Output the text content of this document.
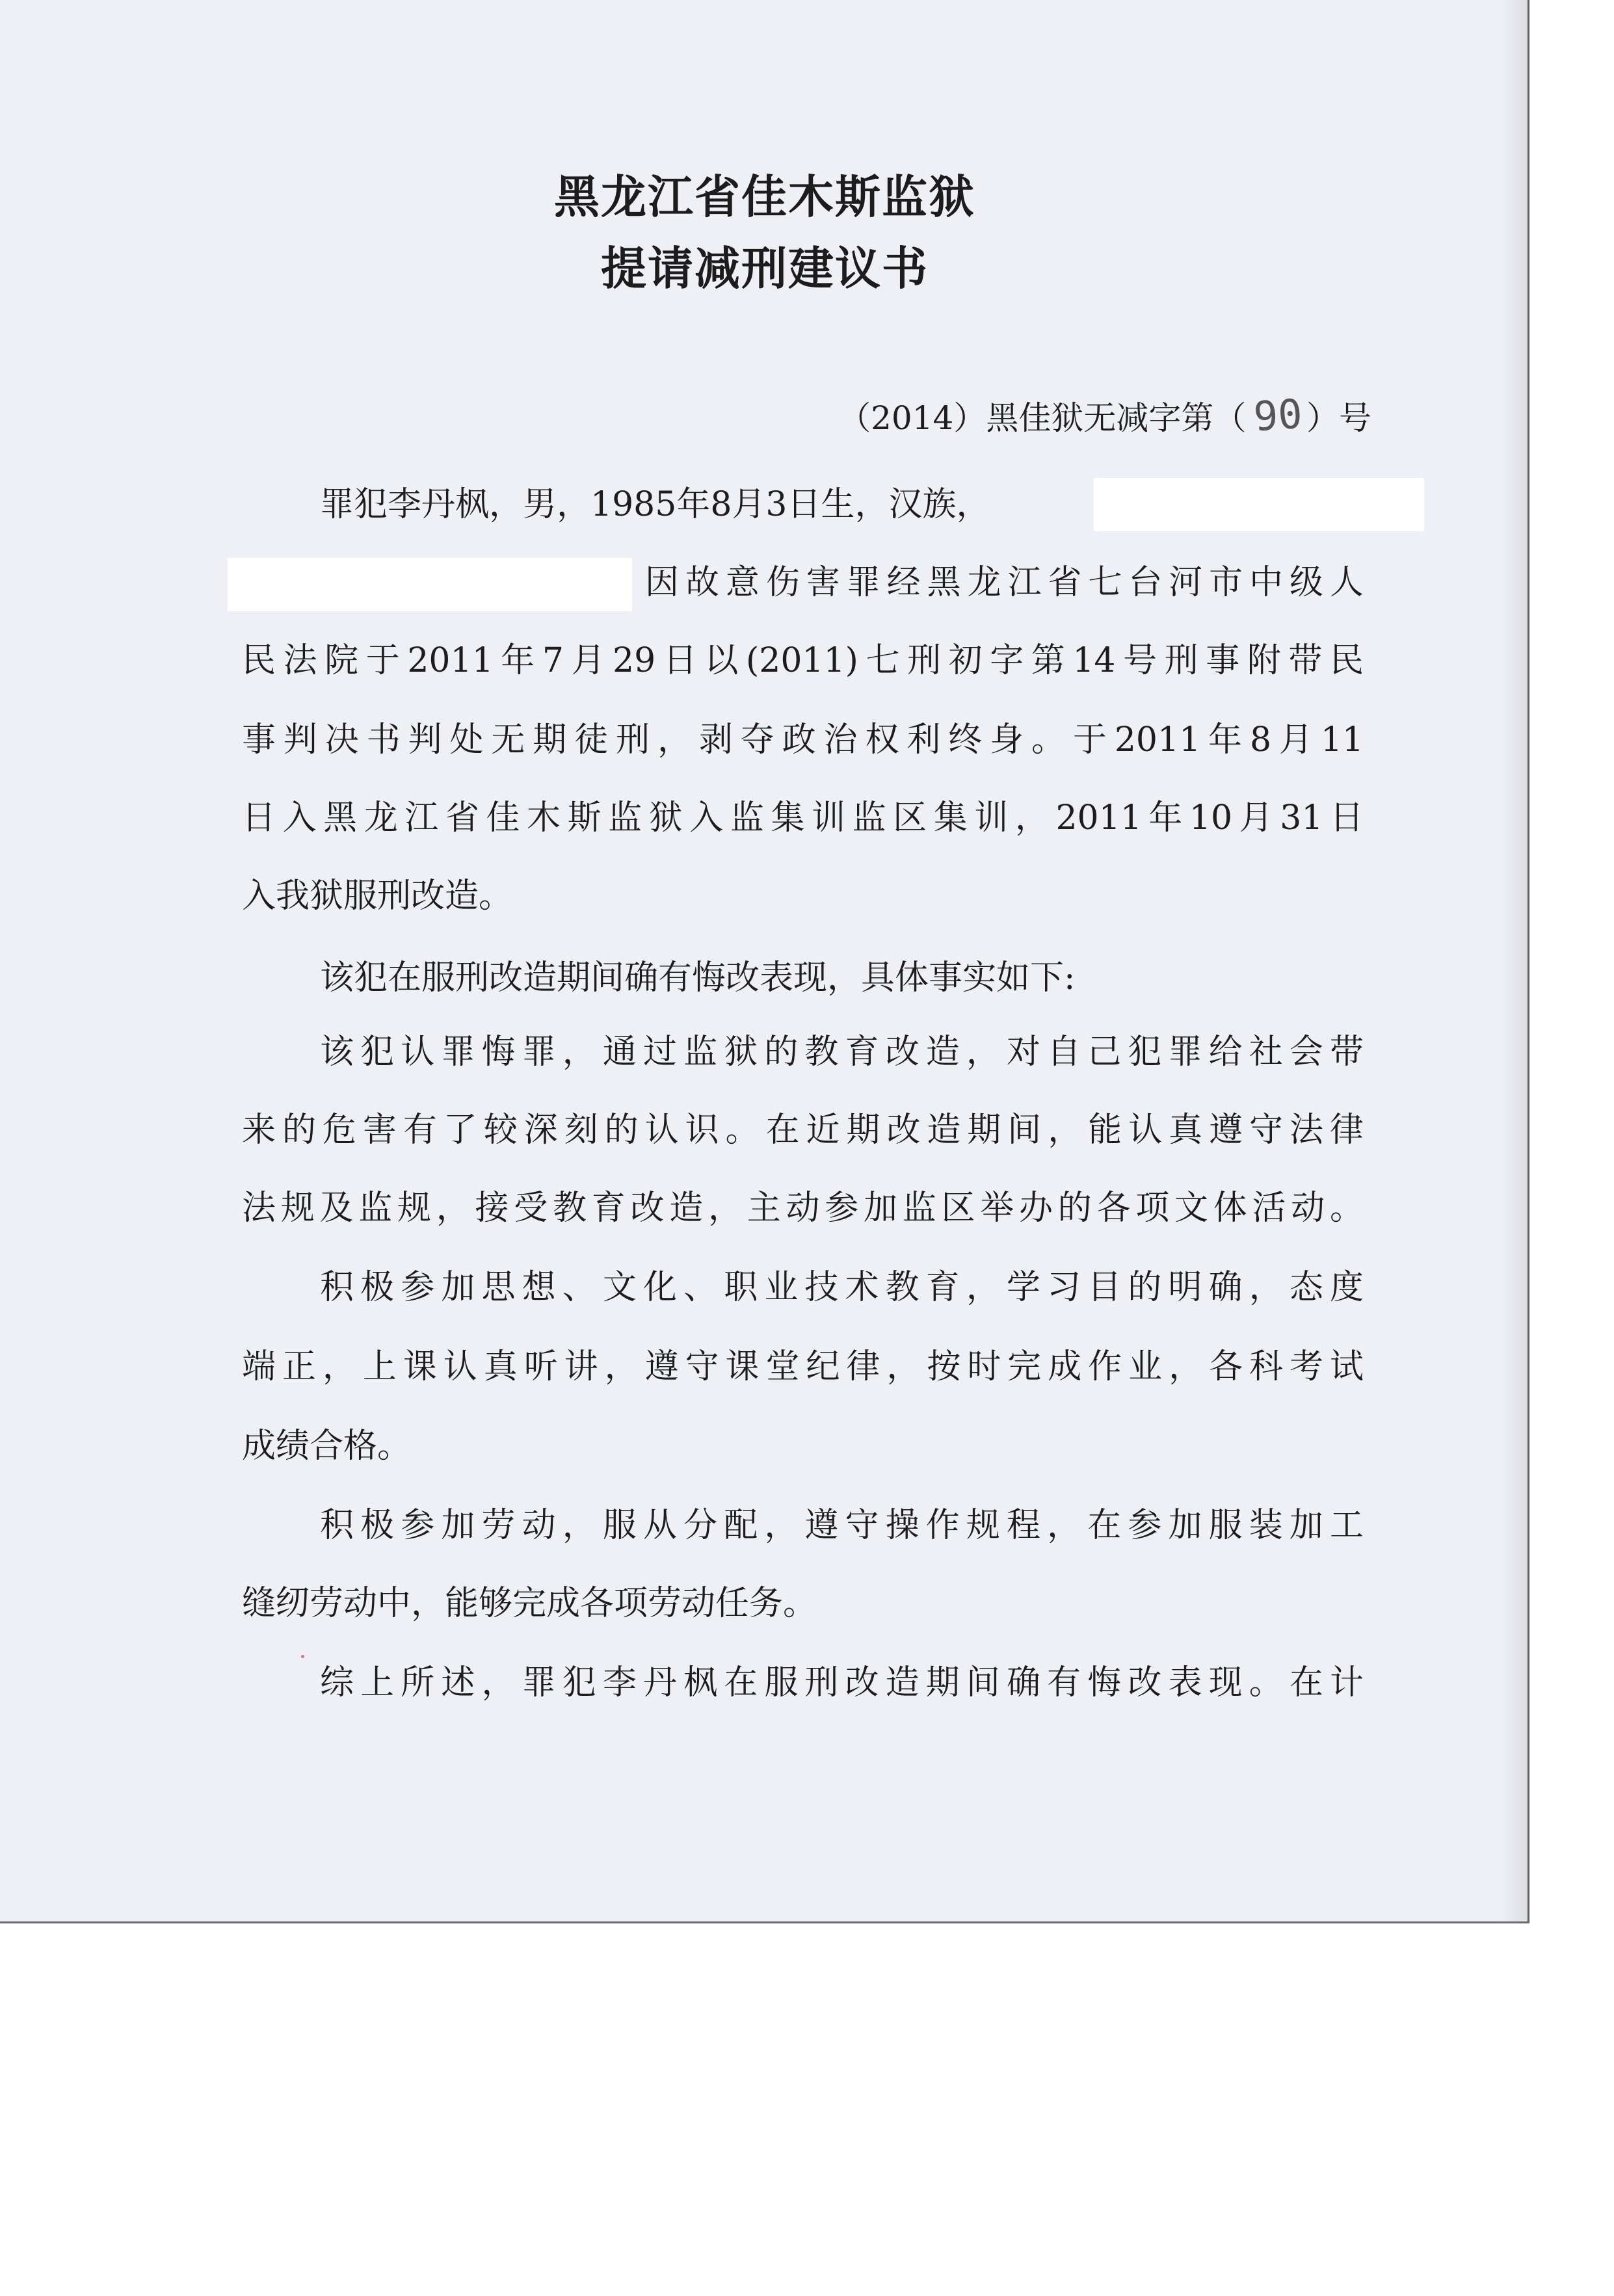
黑龙江省佳木斯监狱
提请减刑建议书
（2014）黑佳狱无减字第（ 90）号
罪犯李丹枫，男，1985年8月3日生，汉族，
因故意伤害罪经黑龙江省七台河市中级人
民法院于2011年7月29日以(2011)七刑初字第14号刑事附带民
事判决书判处无期徒刑，剥夺政治权利终身。于2011年8月11
日入黑龙江省佳木斯监狱入监集训监区集训，2011年10月31日
入我狱服刑改造。
该犯在服刑改造期间确有悔改表现，具体事实如下:
该犯认罪悔罪，通过监狱的教育改造，对自己犯罪给社会带
来的危害有了较深刻的认识。在近期改造期间，能认真遵守法律
法规及监规，接受教育改造，主动参加监区举办的各项文体活动。
积极参加思想、文化、职业技术教育，学习目的明确，态度
端正，上课认真听讲，遵守课堂纪律，按时完成作业，各科考试
成绩合格。
积极参加劳动，服从分配，遵守操作规程，在参加服装加工
缝纫劳动中，能够完成各项劳动任务。
综上所述，罪犯李丹枫在服刑改造期间确有悔改表现。在计
